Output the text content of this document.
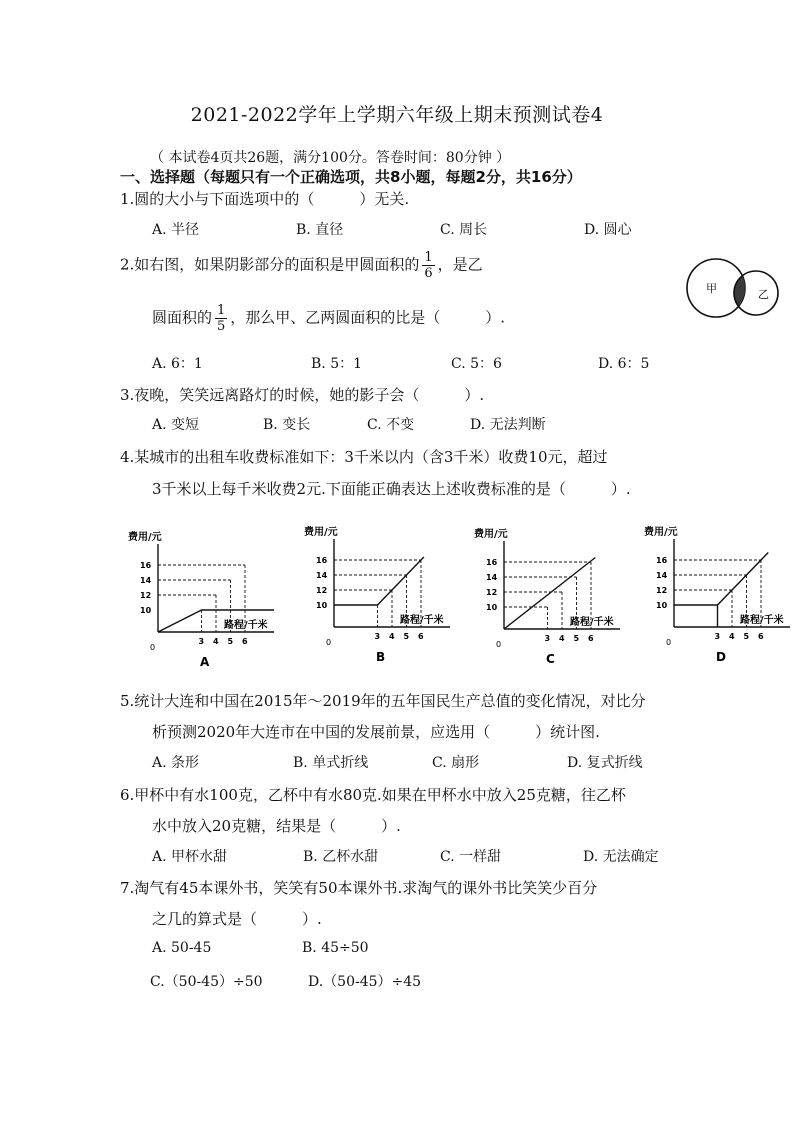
2021-2022学年上学期六年级上期末预测试卷4
（ 本试卷4页共26题，满分100分。答卷时间：80分钟 ）
一、选择题（每题只有一个正确选项，共8小题，每题2分，共16分）
1.圆的大小与下面选项中的（　　　）无关.
A. 半径	B. 直径	C. 周长	D. 圆心
2.如右图，如果阴影部分的面积是甲圆面积的 $\frac{1}{6}$ ，是乙
圆面积的 $\frac{1}{5}$ ，那么甲、乙两圆面积的比是（　　　）.
甲	乙
A. 6：1	B. 5：1	C. 5：6	D. 6：5
3.夜晚，笑笑远离路灯的时候，她的影子会（　　　）.
A. 变短	B. 变长	C. 不变	D. 无法判断
4.某城市的出租车收费标准如下：3千米以内（含3千米）收费10元，超过
3千米以上每千米收费2元.下面能正确表达上述收费标准的是（　　　）.
费用/元
路程/千米
0
10
12
14
16
3 4 5 6
A
费用/元
路程/千米
0
10
12
14
16
3 4 5 6
B
费用/元
路程/千米
0
10
12
14
16
3 4 5 6
C
费用/元
路程/千米
0
10
12
14
16
3 4 5 6
D
5.统计大连和中国在2015年～2019年的五年国民生产总值的变化情况，对比分
析预测2020年大连市在中国的发展前景，应选用（　　　）统计图.
A. 条形	B. 单式折线	C. 扇形	D. 复式折线
6.甲杯中有水100克，乙杯中有水80克.如果在甲杯水中放入25克糖，往乙杯
水中放入20克糖，结果是（　　　）.
A. 甲杯水甜	B. 乙杯水甜	C. 一样甜	D. 无法确定
7.淘气有45本课外书，笑笑有50本课外书.求淘气的课外书比笑笑少百分
之几的算式是（　　　）.
A. 50-45	B. 45÷50
C.（50-45）÷50	D.（50-45）÷45
